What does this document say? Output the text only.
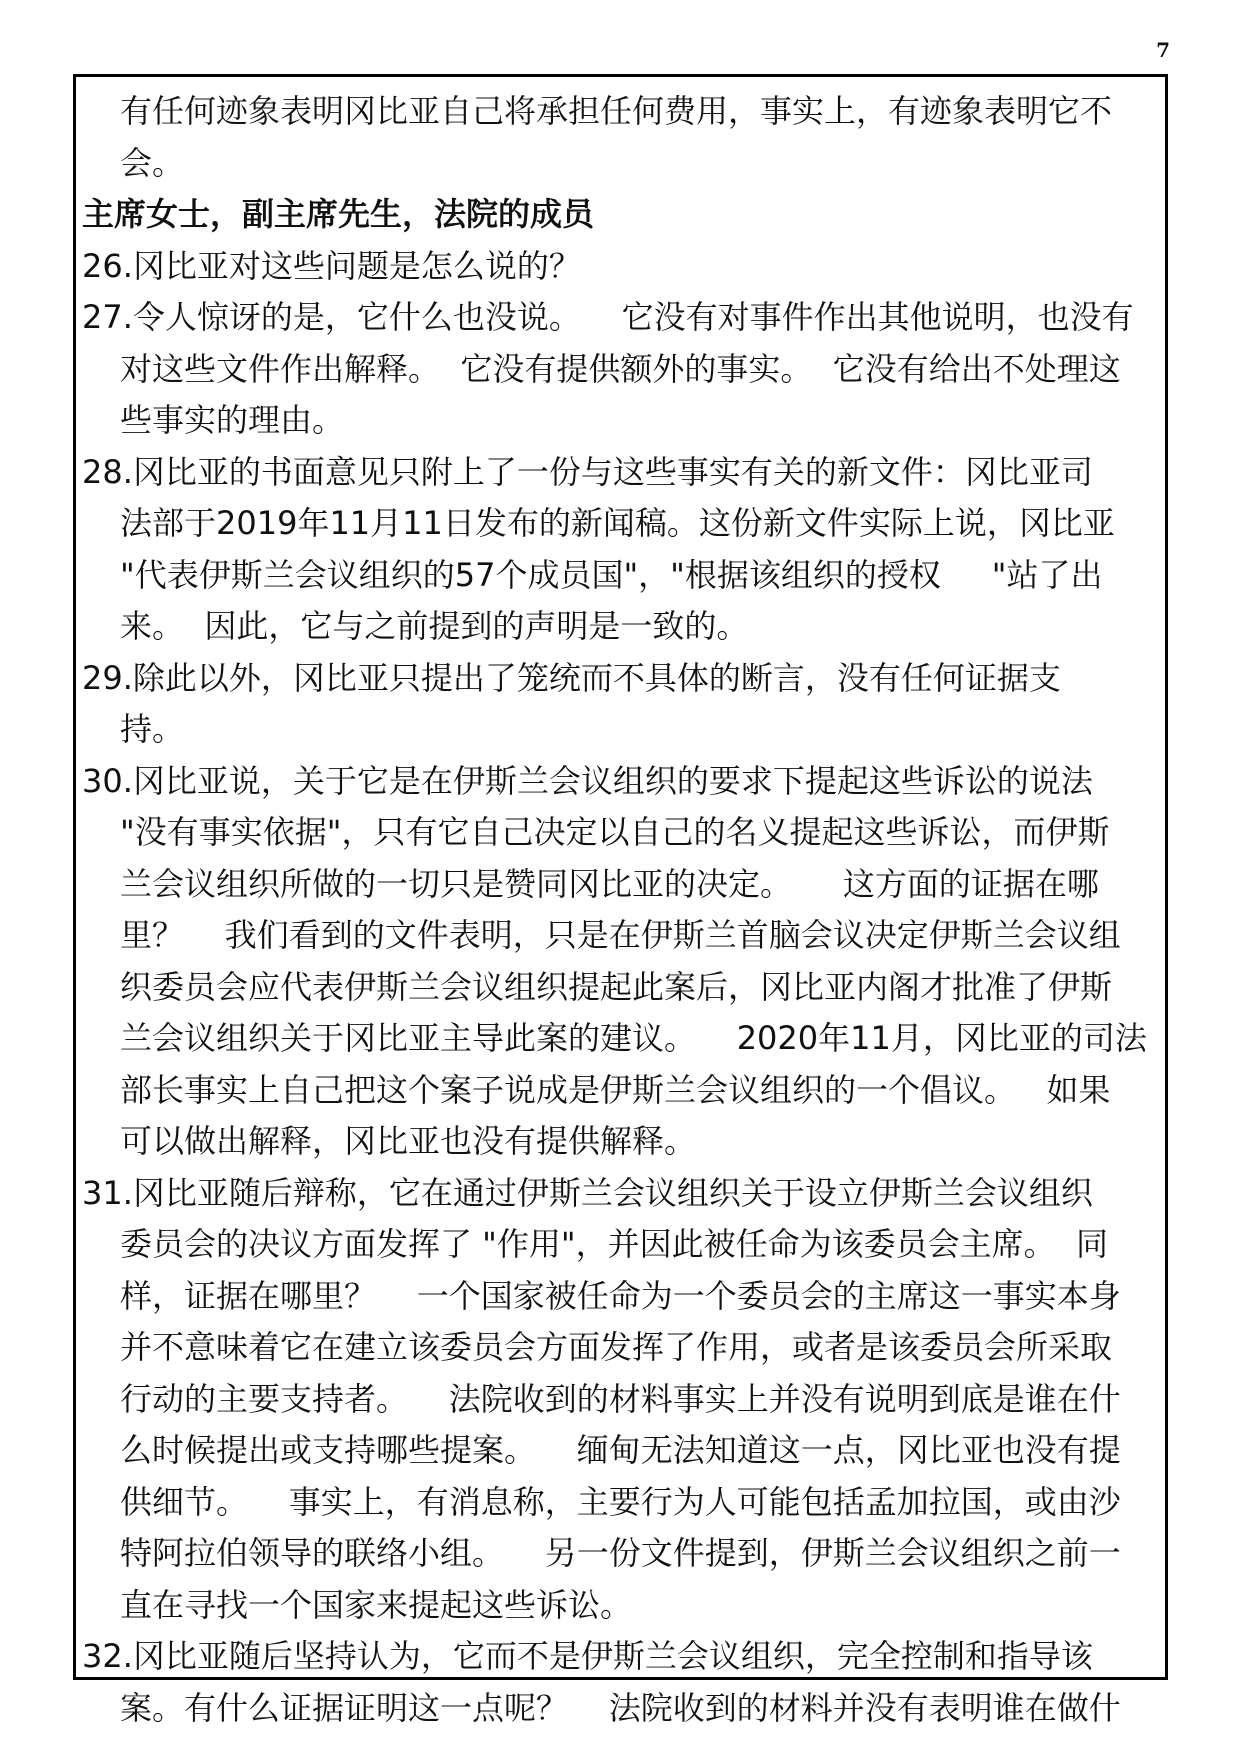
7
有任何迹象表明冈比亚自己将承担任何费用，事实上，有迹象表明它不
会。
主席女士，副主席先生，法院的成员
26.冈比亚对这些问题是怎么说的？
27.令人惊讶的是，它什么也没说。    它没有对事件作出其他说明，也没有
对这些文件作出解释。  它没有提供额外的事实。  它没有给出不处理这
些事实的理由。
28.冈比亚的书面意见只附上了一份与这些事实有关的新文件：冈比亚司
法部于2019年11月11日发布的新闻稿。这份新文件实际上说，冈比亚
"代表伊斯兰会议组织的57个成员国"，"根据该组织的授权     "站了出
来。  因此，它与之前提到的声明是一致的。
29.除此以外，冈比亚只提出了笼统而不具体的断言，没有任何证据支
持。
30.冈比亚说，关于它是在伊斯兰会议组织的要求下提起这些诉讼的说法
"没有事实依据"，只有它自己决定以自己的名义提起这些诉讼，而伊斯
兰会议组织所做的一切只是赞同冈比亚的决定。     这方面的证据在哪
里？    我们看到的文件表明，只是在伊斯兰首脑会议决定伊斯兰会议组
织委员会应代表伊斯兰会议组织提起此案后，冈比亚内阁才批准了伊斯
兰会议组织关于冈比亚主导此案的建议。    2020年11月，冈比亚的司法
部长事实上自己把这个案子说成是伊斯兰会议组织的一个倡议。   如果
可以做出解释，冈比亚也没有提供解释。
31.冈比亚随后辩称，它在通过伊斯兰会议组织关于设立伊斯兰会议组织
委员会的决议方面发挥了 "作用"，并因此被任命为该委员会主席。  同
样，证据在哪里？    一个国家被任命为一个委员会的主席这一事实本身
并不意味着它在建立该委员会方面发挥了作用，或者是该委员会所采取
行动的主要支持者。    法院收到的材料事实上并没有说明到底是谁在什
么时候提出或支持哪些提案。    缅甸无法知道这一点，冈比亚也没有提
供细节。    事实上，有消息称，主要行为人可能包括孟加拉国，或由沙
特阿拉伯领导的联络小组。    另一份文件提到，伊斯兰会议组织之前一
直在寻找一个国家来提起这些诉讼。
32.冈比亚随后坚持认为，它而不是伊斯兰会议组织，完全控制和指导该
案。有什么证据证明这一点呢？    法院收到的材料并没有表明谁在做什
